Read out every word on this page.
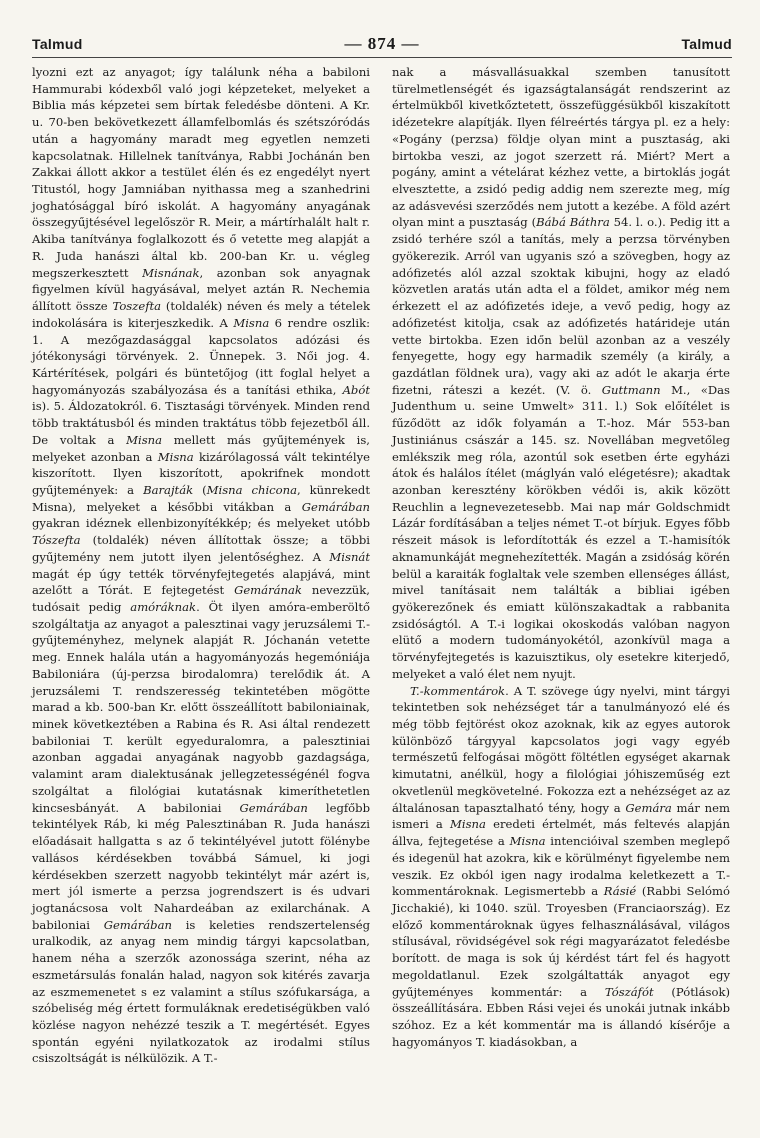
Talmud	— 874 —	Talmud

lyozni ezt az anyagot; így találunk néha a babiloni Hammurabi kódexből való jogi képzeteket, melyeket a Biblia más képzetei sem bírtak feledésbe dönteni. A Kr. u. 70-ben bekövetkezett államfelbomlás és szétszóródás után a hagyomány maradt meg egyetlen nemzeti kapcsolatnak. Hillelnek tanítványa, Rabbi Jochánán ben Zakkai állott akkor a testület élén és ez engedélyt nyert Titustól, hogy Jamniában nyithassa meg a szanhedrini joghatósággal bíró iskolát. A hagyomány anyagának összegyűjtésével legelőször R. Meir, a mártírhalált halt r. Akiba tanítványa foglalkozott és ő vetette meg alapját a R. Juda hanászi által kb. 200-ban Kr. u. végleg megszerkesztett Misnának, azonban sok anyagnak figyelmen kívül hagyásával, melyet aztán R. Nechemia állított össze Toszefta (toldalék) néven és mely a tételek indokolására is kiterjeszkedik. A Misna 6 rendre oszlik: 1. A mezőgazdasággal kapcsolatos adózási és jótékonysági törvények. 2. Ünnepek. 3. Női jog. 4. Kártérítések, polgári és büntetőjog (itt foglal helyet a hagyományozás szabályozása és a tanítási ethika, Abót is). 5. Áldozatokról. 6. Tisztasági törvények. Minden rend több traktátusból és minden traktátus több fejezetből áll. De voltak a Misna mellett más gyűjtemények is, melyeket azonban a Misna kizárólagossá vált tekintélye kiszorított. Ilyen kiszorított, apokrifnek mondott gyűjtemények: a Barajták (Misna chicona, künrekedt Misna), melyeket a későbbi vitákban a Gemárában gyakran idéznek ellenbizonyítékkép; és melyeket utóbb Tószefta (toldalék) néven állítottak össze; a többi gyűjtemény nem jutott ilyen jelentőséghez. A Misnát magát ép úgy tették törvényfejtegetés alapjává, mint azelőtt a Tórát. E fejtegetést Gemárának nevezzük, tudósait pedig amóráknak. Öt ilyen amóra-emberöltő szolgáltatja az anyagot a palesztinai vagy jeruzsálemi T.-gyűjteményhez, melynek alapját R. Jóchanán vetette meg. Ennek halála után a hagyományozás hegemóniája Babiloniára (új-perzsa birodalomra) terelődik át. A jeruzsálemi T. rendszeresség tekintetében mögötte marad a kb. 500-ban Kr. előtt összeállított babiloniainak, minek következtében a Rabina és R. Asi által rendezett babiloniai T. került egyeduralomra, a palesztiniai azonban aggadai anyagának nagyobb gazdagsága, valamint aram dialektusának jellegzetességénél fogva szolgáltat a filológiai kutatásnak kimeríthetetlen kincsesbányát. A babiloniai Gemárában legfőbb tekintélyek Ráb, ki még Palesztinában R. Juda hanászi előadásait hallgatta s az ő tekintélyével jutott fölénybe vallásos kérdésekben továbbá Sámuel, ki jogi kérdésekben szerzett nagyobb tekintélyt már azért is, mert jól ismerte a perzsa jogrendszert is és udvari jogtanácsosa volt Nahardeában az exilarchának. A babiloniai Gemárában is keleties rendszertelenség uralkodik, az anyag nem mindig tárgyi kapcsolatban, hanem néha a szerzők azonossága szerint, néha az eszmetársulás fonalán halad, nagyon sok kitérés zavarja az eszmemenetet s ez valamint a stílus szófukarsága, a szóbeliség még értett formuláknak eredetiségükben való közlése nagyon nehézzé teszik a T. megértését. Egyes spontán egyéni nyilatkozatok az irodalmi stílus csiszoltságát is nélkülözik. A T.-

nak a másvallásuakkal szemben tanusított türelmetlenségét és igazságtalanságát rendszerint az értelmükből kivetkőztetett, összefüggésükből kiszakított idézetekre alapítják. Ilyen félreértés tárgya pl. ez a hely: «Pogány (perzsa) földje olyan mint a pusztaság, aki birtokba veszi, az jogot szerzett rá. Miért? Mert a pogány, amint a vételárat kézhez vette, a birtoklás jogát elvesztette, a zsidó pedig addig nem szerezte meg, míg az adásvevési szerződés nem jutott a kezébe. A föld azért olyan mint a pusztaság (Bábá Báthra 54. l. o.). Pedig itt a zsidó terhére szól a tanítás, mely a perzsa törvényben gyökerezik. Arról van ugyanis szó a szövegben, hogy az adófizetés alól azzal szoktak kibujni, hogy az eladó közvetlen aratás után adta el a földet, amikor még nem érkezett el az adófizetés ideje, a vevő pedig, hogy az adófizetést kitolja, csak az adófizetés határideje után vette birtokba. Ezen időn belül azonban az a veszély fenyegette, hogy egy harmadik személy (a király, a gazdátlan földnek ura), vagy aki az adót le akarja érte fizetni, ráteszi a kezét. (V. ö. Guttmann M., «Das Judenthum u. seine Umwelt» 311. l.) Sok előítélet is fűződött az idők folyamán a T.-hoz. Már 553-ban Justiniánus császár a 145. sz. Novellában megvetőleg emlékszik meg róla, azontúl sok esetben érte egyházi átok és halálos ítélet (máglyán való elégetésre); akadtak azonban keresztény körökben védői is, akik között Reuchlin a legnevezetesebb. Mai nap már Goldschmidt Lázár fordításában a teljes német T.-ot bírjuk. Egyes főbb részeit mások is lefordították és ezzel a T.-hamisítók aknamunkáját megnehezítették. Magán a zsidóság körén belül a karaiták foglaltak vele szemben ellenséges állást, mivel tanításait nem találták a bibliai igében gyökerezőnek és emiatt különszakadtak a rabbanita zsidóságtól. A T.-i logikai okoskodás valóban nagyon elütő a modern tudományokétól, azonkívül maga a törvényfejtegetés is kazuisztikus, oly esetekre kiterjedő, melyeket a való élet nem nyujt.

T.-kommentárok. A T. szövege úgy nyelvi, mint tárgyi tekintetben sok nehézséget tár a tanulmányozó elé és még több fejtörést okoz azoknak, kik az egyes autorok különböző tárgyyal kapcsolatos jogi vagy egyéb természetű felfogásai mögött föltétlen egységet akarnak kimutatni, anélkül, hogy a filológiai jóhiszeműség ezt okvetlenül megkövetelné. Fokozza ezt a nehézséget az az általánosan tapasztalható tény, hogy a Gemára már nem ismeri a Misna eredeti értelmét, más feltevés alapján állva, fejtegetése a Misna intencióival szemben meglepő és idegenül hat azokra, kik e körülményt figyelembe nem veszik. Ez okból igen nagy irodalma keletkezett a T.-kommentároknak. Legismertebb a Rásié (Rabbi Selómó Jicchakié), ki 1040. szül. Troyesben (Franciaország). Ez előző kommentároknak ügyes felhasználásával, világos stílusával, rövidségével sok régi magyarázatot feledésbe borított. de maga is sok új kérdést tárt fel és hagyott megoldatlanul. Ezek szolgáltatták anyagot egy gyűjteményes kommentár: a Tószáfót (Pótlások) összeállítására. Ebben Rási vejei és unokái jutnak inkább szóhoz. Ez a két kommentár ma is állandó kísérője a hagyományos T. kiadásokban, a
